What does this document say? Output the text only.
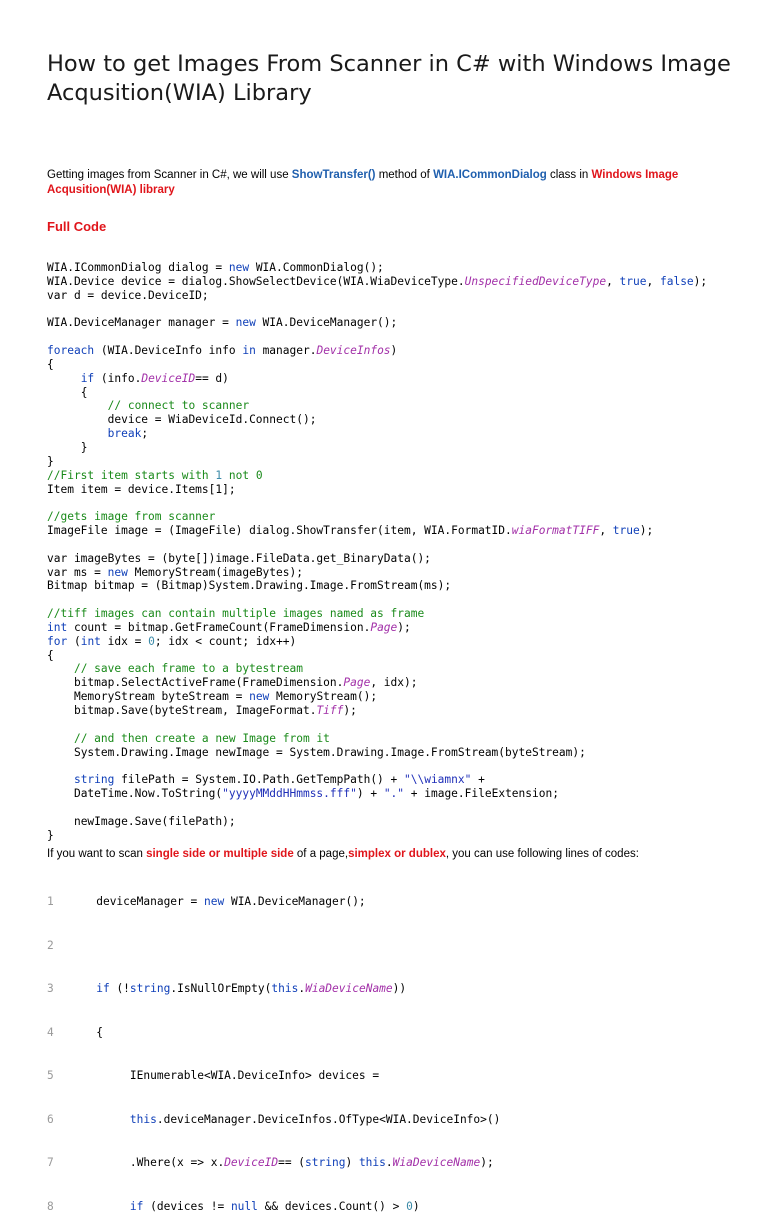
How to get Images From Scanner in C# with Windows Image Acqusition(WIA) Library
Getting images from Scanner in C#, we will use ShowTransfer() method of WIA.ICommonDialog class in Windows Image Acqusition(WIA) library
Full Code
WIA.ICommonDialog dialog = new WIA.CommonDialog();
WIA.Device device = dialog.ShowSelectDevice(WIA.WiaDeviceType.UnspecifiedDeviceType, true, false);
var d = device.DeviceID;
WIA.DeviceManager manager = new WIA.DeviceManager();
foreach (WIA.DeviceInfo info in manager.DeviceInfos)
{
if (info.DeviceID== d)
{
// connect to scanner
device = WiaDeviceId.Connect();
break;
}
}
//First item starts with 1 not 0
Item item = device.Items[1];
//gets image from scanner
ImageFile image = (ImageFile) dialog.ShowTransfer(item, WIA.FormatID.wiaFormatTIFF, true);
var imageBytes = (byte[])image.FileData.get_BinaryData();
var ms = new MemoryStream(imageBytes);
Bitmap bitmap = (Bitmap)System.Drawing.Image.FromStream(ms);
//tiff images can contain multiple images named as frame
int count = bitmap.GetFrameCount(FrameDimension.Page);
for (int idx = 0; idx < count; idx++)
{
// save each frame to a bytestream
bitmap.SelectActiveFrame(FrameDimension.Page, idx);
MemoryStream byteStream = new MemoryStream();
bitmap.Save(byteStream, ImageFormat.Tiff);
// and then create a new Image from it
System.Drawing.Image newImage = System.Drawing.Image.FromStream(byteStream);
string filePath = System.IO.Path.GetTempPath() + "\\wiamnx" +
DateTime.Now.ToString("yyyyMMddHHmmss.fff") + "." + image.FileExtension;
newImage.Save(filePath);
}
If you want to scan single side or multiple side of a page,simplex or dublex, you can use following lines of codes:

1	deviceManager = new WIA.DeviceManager();

2

3	if (!string.IsNullOrEmpty(this.WiaDeviceName))

4	{

5	IEnumerable<WIA.DeviceInfo> devices =

6	this.deviceManager.DeviceInfos.OfType<WIA.DeviceInfo>()

7	.Where(x => x.DeviceID== (string) this.WiaDeviceName);

8	if (devices != null && devices.Count() > 0)
